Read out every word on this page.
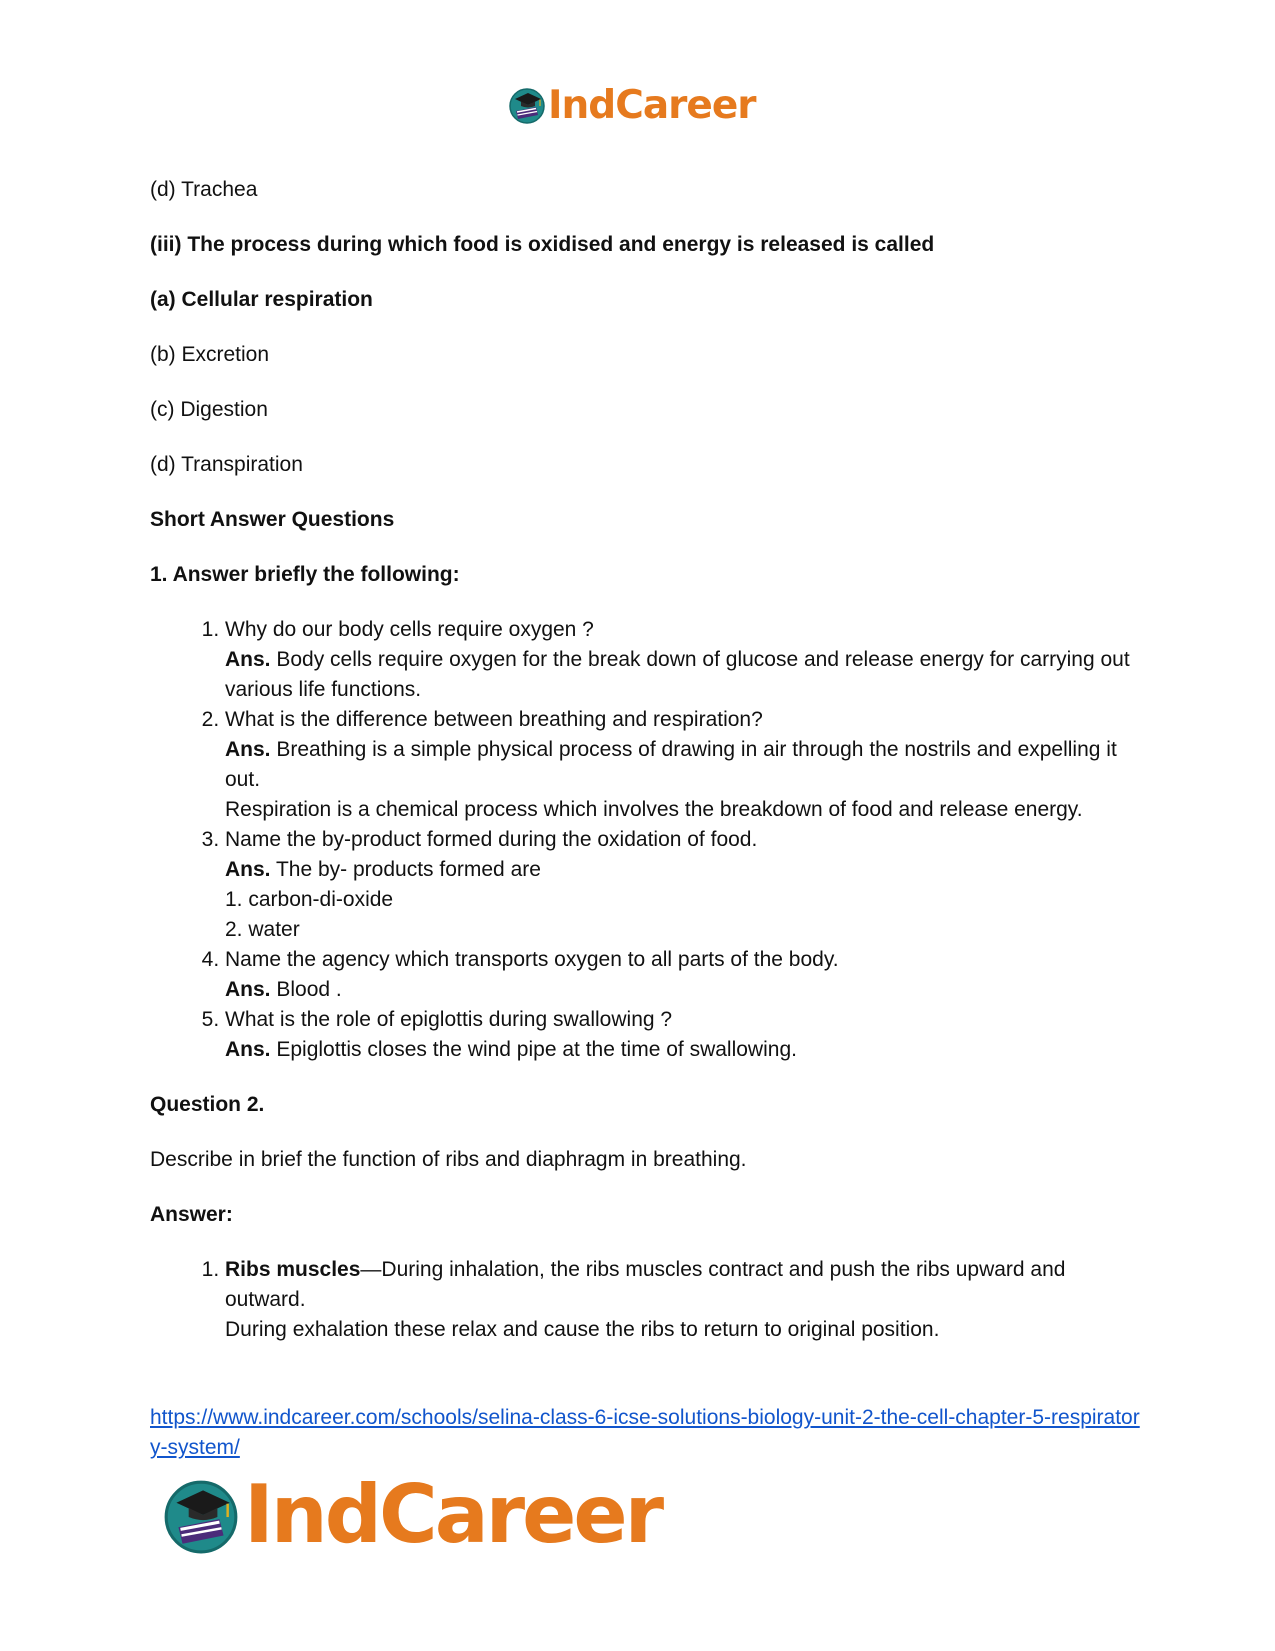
IndCareer

(d) Trachea

(iii) The process during which food is oxidised and energy is released is called

(a) Cellular respiration

(b) Excretion

(c) Digestion

(d) Transpiration

Short Answer Questions

1. Answer briefly the following:

1. Why do our body cells require oxygen ?
Ans. Body cells require oxygen for the break down of glucose and release energy for carrying out various life functions.
2. What is the difference between breathing and respiration?
Ans. Breathing is a simple physical process of drawing in air through the nostrils and expelling it out.
Respiration is a chemical process which involves the breakdown of food and release energy.
3. Name the by-product formed during the oxidation of food.
Ans. The by- products formed are
1. carbon-di-oxide
2. water
4. Name the agency which transports oxygen to all parts of the body.
Ans. Blood .
5. What is the role of epiglottis during swallowing ?
Ans. Epiglottis closes the wind pipe at the time of swallowing.

Question 2.

Describe in brief the function of ribs and diaphragm in breathing.

Answer:

1. Ribs muscles—During inhalation, the ribs muscles contract and push the ribs upward and outward.
During exhalation these relax and cause the ribs to return to original position.
https://www.indcareer.com/schools/selina-class-6-icse-solutions-biology-unit-2-the-cell-chapter-5-respiratory-system/
IndCareer
